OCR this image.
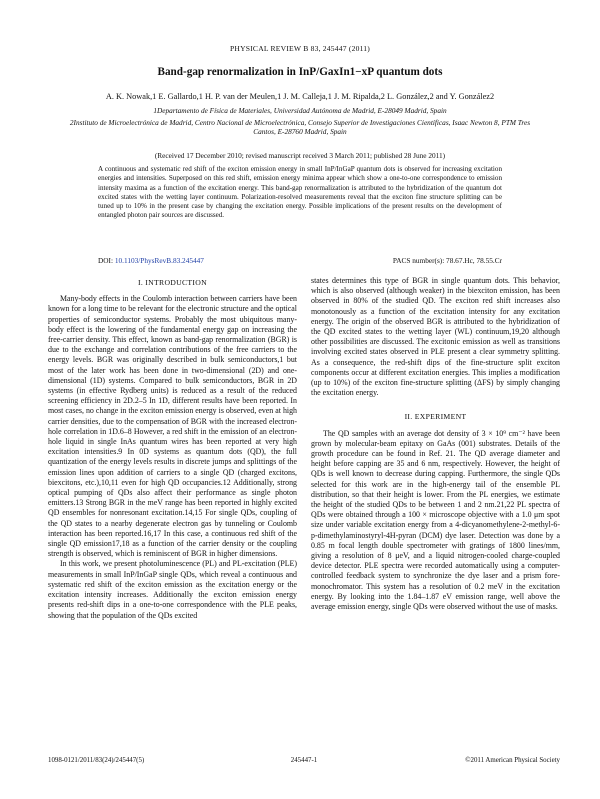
PHYSICAL REVIEW B 83, 245447 (2011)
Band-gap renormalization in InP/GaxIn1−xP quantum dots
A. K. Nowak,1 E. Gallardo,1 H. P. van der Meulen,1 J. M. Calleja,1 J. M. Ripalda,2 L. González,2 and Y. González2
1Departamento de Física de Materiales, Universidad Autónoma de Madrid, E-28049 Madrid, Spain
2Instituto de Microelectrónica de Madrid, Centro Nacional de Microelectrónica, Consejo Superior de Investigaciones Científicas, Isaac Newton 8, PTM Tres Cantos, E-28760 Madrid, Spain
(Received 17 December 2010; revised manuscript received 3 March 2011; published 28 June 2011)
A continuous and systematic red shift of the exciton emission energy in small InP/InGaP quantum dots is observed for increasing excitation energies and intensities. Superposed on this red shift, emission energy minima appear which show a one-to-one correspondence to emission intensity maxima as a function of the excitation energy. This band-gap renormalization is attributed to the hybridization of the quantum dot excited states with the wetting layer continuum. Polarization-resolved measurements reveal that the exciton fine structure splitting can be tuned up to 10% in the present case by changing the excitation energy. Possible implications of the present results on the development of entangled photon pair sources are discussed.
DOI: 10.1103/PhysRevB.83.245447	PACS number(s): 78.67.Hc, 78.55.Cr
I. INTRODUCTION

Many-body effects in the Coulomb interaction between carriers have been known for a long time to be relevant for the electronic structure and the optical properties of semiconductor systems. Probably the most ubiquitous many-body effect is the lowering of the fundamental energy gap on increasing the free-carrier density. This effect, known as band-gap renormalization (BGR) is due to the exchange and correlation contributions of the free carriers to the energy levels. BGR was originally described in bulk semiconductors,1 but most of the later work has been done in two-dimensional (2D) and one-dimensional (1D) systems. Compared to bulk semiconductors, BGR in 2D systems (in effective Rydberg units) is reduced as a result of the reduced screening efficiency in 2D.2–5 In 1D, different results have been reported. In most cases, no change in the exciton emission energy is observed, even at high carrier densities, due to the compensation of BGR with the increased electron-hole correlation in 1D.6–8 However, a red shift in the emission of an electron-hole liquid in single InAs quantum wires has been reported at very high excitation intensities.9 In 0D systems as quantum dots (QD), the full quantization of the energy levels results in discrete jumps and splittings of the emission lines upon addition of carriers to a single QD (charged excitons, biexcitons, etc.),10,11 even for high QD occupancies.12 Additionally, strong optical pumping of QDs also affect their performance as single photon emitters.13 Strong BGR in the meV range has been reported in highly excited QD ensembles for nonresonant excitation.14,15 For single QDs, coupling of the QD states to a nearby degenerate electron gas by tunneling or Coulomb interaction has been reported.16,17 In this case, a continuous red shift of the single QD emission17,18 as a function of the carrier density or the coupling strength is observed, which is reminiscent of BGR in higher dimensions.

In this work, we present photoluminescence (PL) and PL-excitation (PLE) measurements in small InP/InGaP single QDs, which reveal a continuous and systematic red shift of the exciton emission as the excitation energy or the excitation intensity increases. Additionally the exciton emission energy presents red-shift dips in a one-to-one correspondence with the PLE peaks, showing that the population of the QDs excited

states determines this type of BGR in single quantum dots. This behavior, which is also observed (although weaker) in the biexciton emission, has been observed in 80% of the studied QD. The exciton red shift increases also monotonously as a function of the excitation intensity for any excitation energy. The origin of the observed BGR is attributed to the hybridization of the QD excited states to the wetting layer (WL) continuum,19,20 although other possibilities are discussed. The excitonic emission as well as transitions involving excited states observed in PLE present a clear symmetry splitting. As a consequence, the red-shift dips of the fine-structure split exciton components occur at different excitation energies. This implies a modification (up to 10%) of the exciton fine-structure splitting (ΔFS) by simply changing the excitation energy.

II. EXPERIMENT

The QD samples with an average dot density of 3 × 10⁹ cm⁻² have been grown by molecular-beam epitaxy on GaAs (001) substrates. Details of the growth procedure can be found in Ref. 21. The QD average diameter and height before capping are 35 and 6 nm, respectively. However, the height of QDs is well known to decrease during capping. Furthermore, the single QDs selected for this work are in the high-energy tail of the ensemble PL distribution, so that their height is lower. From the PL energies, we estimate the height of the studied QDs to be between 1 and 2 nm.21,22 PL spectra of QDs were obtained through a 100 × microscope objective with a 1.0 μm spot size under variable excitation energy from a 4-dicyanomethylene-2-methyl-6-p-dimethylaminostyryl-4H-pyran (DCM) dye laser. Detection was done by a 0.85 m focal length double spectrometer with gratings of 1800 lines/mm, giving a resolution of 8 μeV, and a liquid nitrogen-cooled charge-coupled device detector. PLE spectra were recorded automatically using a computer-controlled feedback system to synchronize the dye laser and a prism fore-monochromator. This system has a resolution of 0.2 meV in the excitation energy. By looking into the 1.84–1.87 eV emission range, well above the average emission energy, single QDs were observed without the use of masks.

1098-0121/2011/83(24)/245447(5)	245447-1	©2011 American Physical Society
